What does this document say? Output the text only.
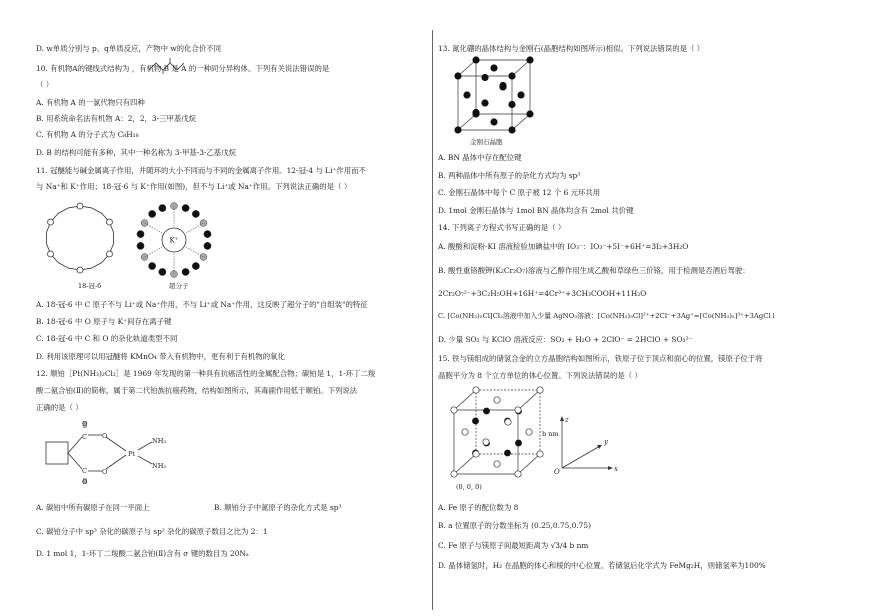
D. w单质分别与 p、q单质反应，产物中 w的化合价不同
10. 有机物A的键线式结构为 ，有机物 B 是 A 的一种同分异构体。下列有关说法错误的是
（ ）
A. 有机物 A 的一氯代物只有四种
B. 用系统命名法有机物 A：2，2，3-三甲基戊烷
C. 有机物 A 的分子式为 C₈H₁₈
D. B 的结构可能有多种，其中一种名称为 3-甲基-3-乙基戊烷
11. 冠醚能与碱金属离子作用，并随环的大小不同而与不同的金属离子作用。12-冠-4 与 Li⁺作用而不
与 Na⁺和 K⁺作用；18-冠-6 与 K⁺作用(如图)，但不与 Li⁺或 Na⁺作用。下列说法正确的是（ ）
18-冠-6
K⁺
超分子
A. 18-冠-6 中 C 原子不与 Li⁺或 Na⁺作用，不与 Li⁺或 Na⁺作用，这反映了超分子的"自组装"的特征
B. 18-冠-6 中 O 原子与 K⁺间存在离子键
C. 18-冠-6 中 C 和 O 的杂化轨道类型不同
D. 利用该原理可以用冠醚将 KMnO₄ 带入有机物中，更有利于有机物的氧化
12. 顺铂［Pt(NH₃)₂Cl₂］是 1969 年发现的第一种具有抗癌活性的金属配合物；碳铂是 1，1-环丁二羧
酸二氨合铂(Ⅱ)的简称，属于第二代铂族抗癌药物，结构如图所示，其毒副作用低于顺铂。下列说法
正确的是（ ）
C
O
O
C
O
O
Pt
NH₃
NH₃
A. 碳铂中所有碳原子在同一平面上	B. 顺铂分子中氮原子的杂化方式是 sp³
C. 碳铂分子中 sp³ 杂化的碳原子与 sp² 杂化的碳原子数目之比为 2：1
D. 1 mol 1，1-环丁二羧酸二氨合铂(Ⅱ)含有 σ 键的数目为 20Nₐ
13. 氮化硼的晶体结构与金刚石(晶胞结构如图所示)相似。下列说法错误的是（ ）
金刚石晶胞
A. BN 晶体中存在配位键
B. 两种晶体中所有原子的杂化方式均为 sp³
C. 金刚石晶体中每个 C 原子被 12 个 6 元环共用
D. 1mol 金刚石晶体与 1mol BN 晶体均含有 2mol 共价键
14. 下列离子方程式书写正确的是（ ）
A. 酸酸和淀粉-KI 溶液检验加碘盐中的 IO₃⁻：IO₃⁻+5I⁻+6H⁺=3I₂+3H₂O
B. 酸性重铬酸钾(K₂Cr₂O₇)溶液与乙醇作用生成乙酸和草绿色三价铬，用于检测是否酒后驾驶：
2Cr₂O₇²⁻+3C₂H₅OH+16H⁺=4Cr³⁺+3CH₃COOH+11H₂O
C. [Co(NH₃)₅Cl]Cl₂溶液中加入少量 AgNO₃溶液：[Co(NH₃)₅Cl]²⁺+2Cl⁻+3Ag⁺=[Co(NH₃)₅]³⁺+3AgCl↓
D. 少量 SO₂ 与 KClO 溶液反应：SO₂ + H₂O + 2ClO⁻ = 2HClO + SO₃²⁻
15. 铁与镁组成的储氢合金的立方晶胞结构如图所示，铁原子位于顶点和面心的位置，镁原子位于将
晶胞平分为 8 个立方单位的体心位置。下列说法错误的是（ ）
b nm
(0, 0, 0)
z
y
x
O
A. Fe 原子的配位数为 8
B. a 位置原子的分数坐标为 (0.25,0.75,0.75)
C. Fe 原子与镁原子间最短距离为 √3/4 b nm
D. 晶体储氢时，H₂ 在晶胞的体心和棱的中心位置。若储氢后化学式为 FeMg₂H，则储氢率为100%
